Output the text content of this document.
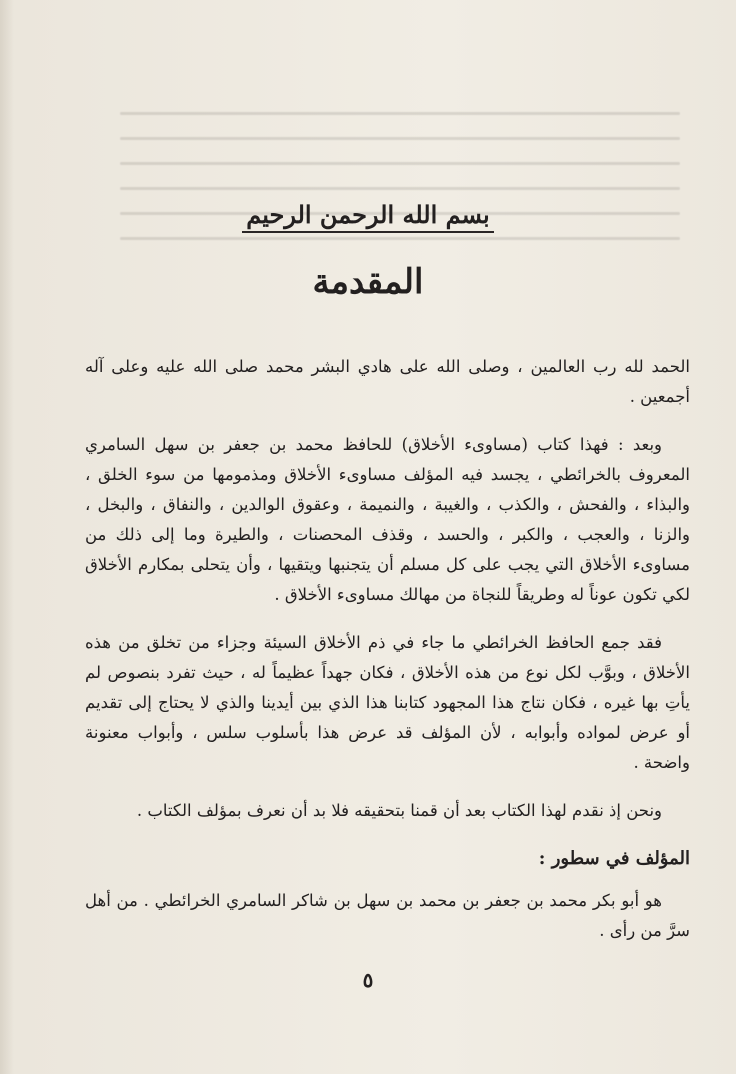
بسم الله الرحمن الرحيم
المقدمة

الحمد لله رب العالمين ، وصلى الله على هادي البشر محمد صلى الله عليه وعلى آله أجمعين .

وبعد : فهذا كتاب (مساوىء الأخلاق) للحافظ محمد بن جعفر بن سهل السامري المعروف بالخرائطي ، يجسد فيه المؤلف مساوىء الأخلاق ومذمومها من سوء الخلق ، والبذاء ، والفحش ، والكذب ، والغيبة ، والنميمة ، وعقوق الوالدين ، والنفاق ، والبخل ، والزنا ، والعجب ، والكبر ، والحسد ، وقذف المحصنات ، والطيرة وما إلى ذلك من مساوىء الأخلاق التي يجب على كل مسلم أن يتجنبها ويتقيها ، وأن يتحلى بمكارم الأخلاق لكي تكون عوناً له وطريقاً للنجاة من مهالك مساوىء الأخلاق .

فقد جمع الحافظ الخرائطي ما جاء في ذم الأخلاق السيئة وجزاء من تخلق من هذه الأخلاق ، وبوَّب لكل نوع من هذه الأخلاق ، فكان جهداً عظيماً له ، حيث تفرد بنصوص لم يأتِ بها غيره ، فكان نتاج هذا المجهود كتابنا هذا الذي بين أيدينا والذي لا يحتاج إلى تقديم أو عرض لمواده وأبوابه ، لأن المؤلف قد عرض هذا بأسلوب سلس ، وأبواب معنونة واضحة .

ونحن إذ نقدم لهذا الكتاب بعد أن قمنا بتحقيقه فلا بد أن نعرف بمؤلف الكتاب .

المؤلف في سطور :

هو أبو بكر محمد بن جعفر بن محمد بن سهل بن شاكر السامري الخرائطي . من أهل سرَّ من رأى .

٥
